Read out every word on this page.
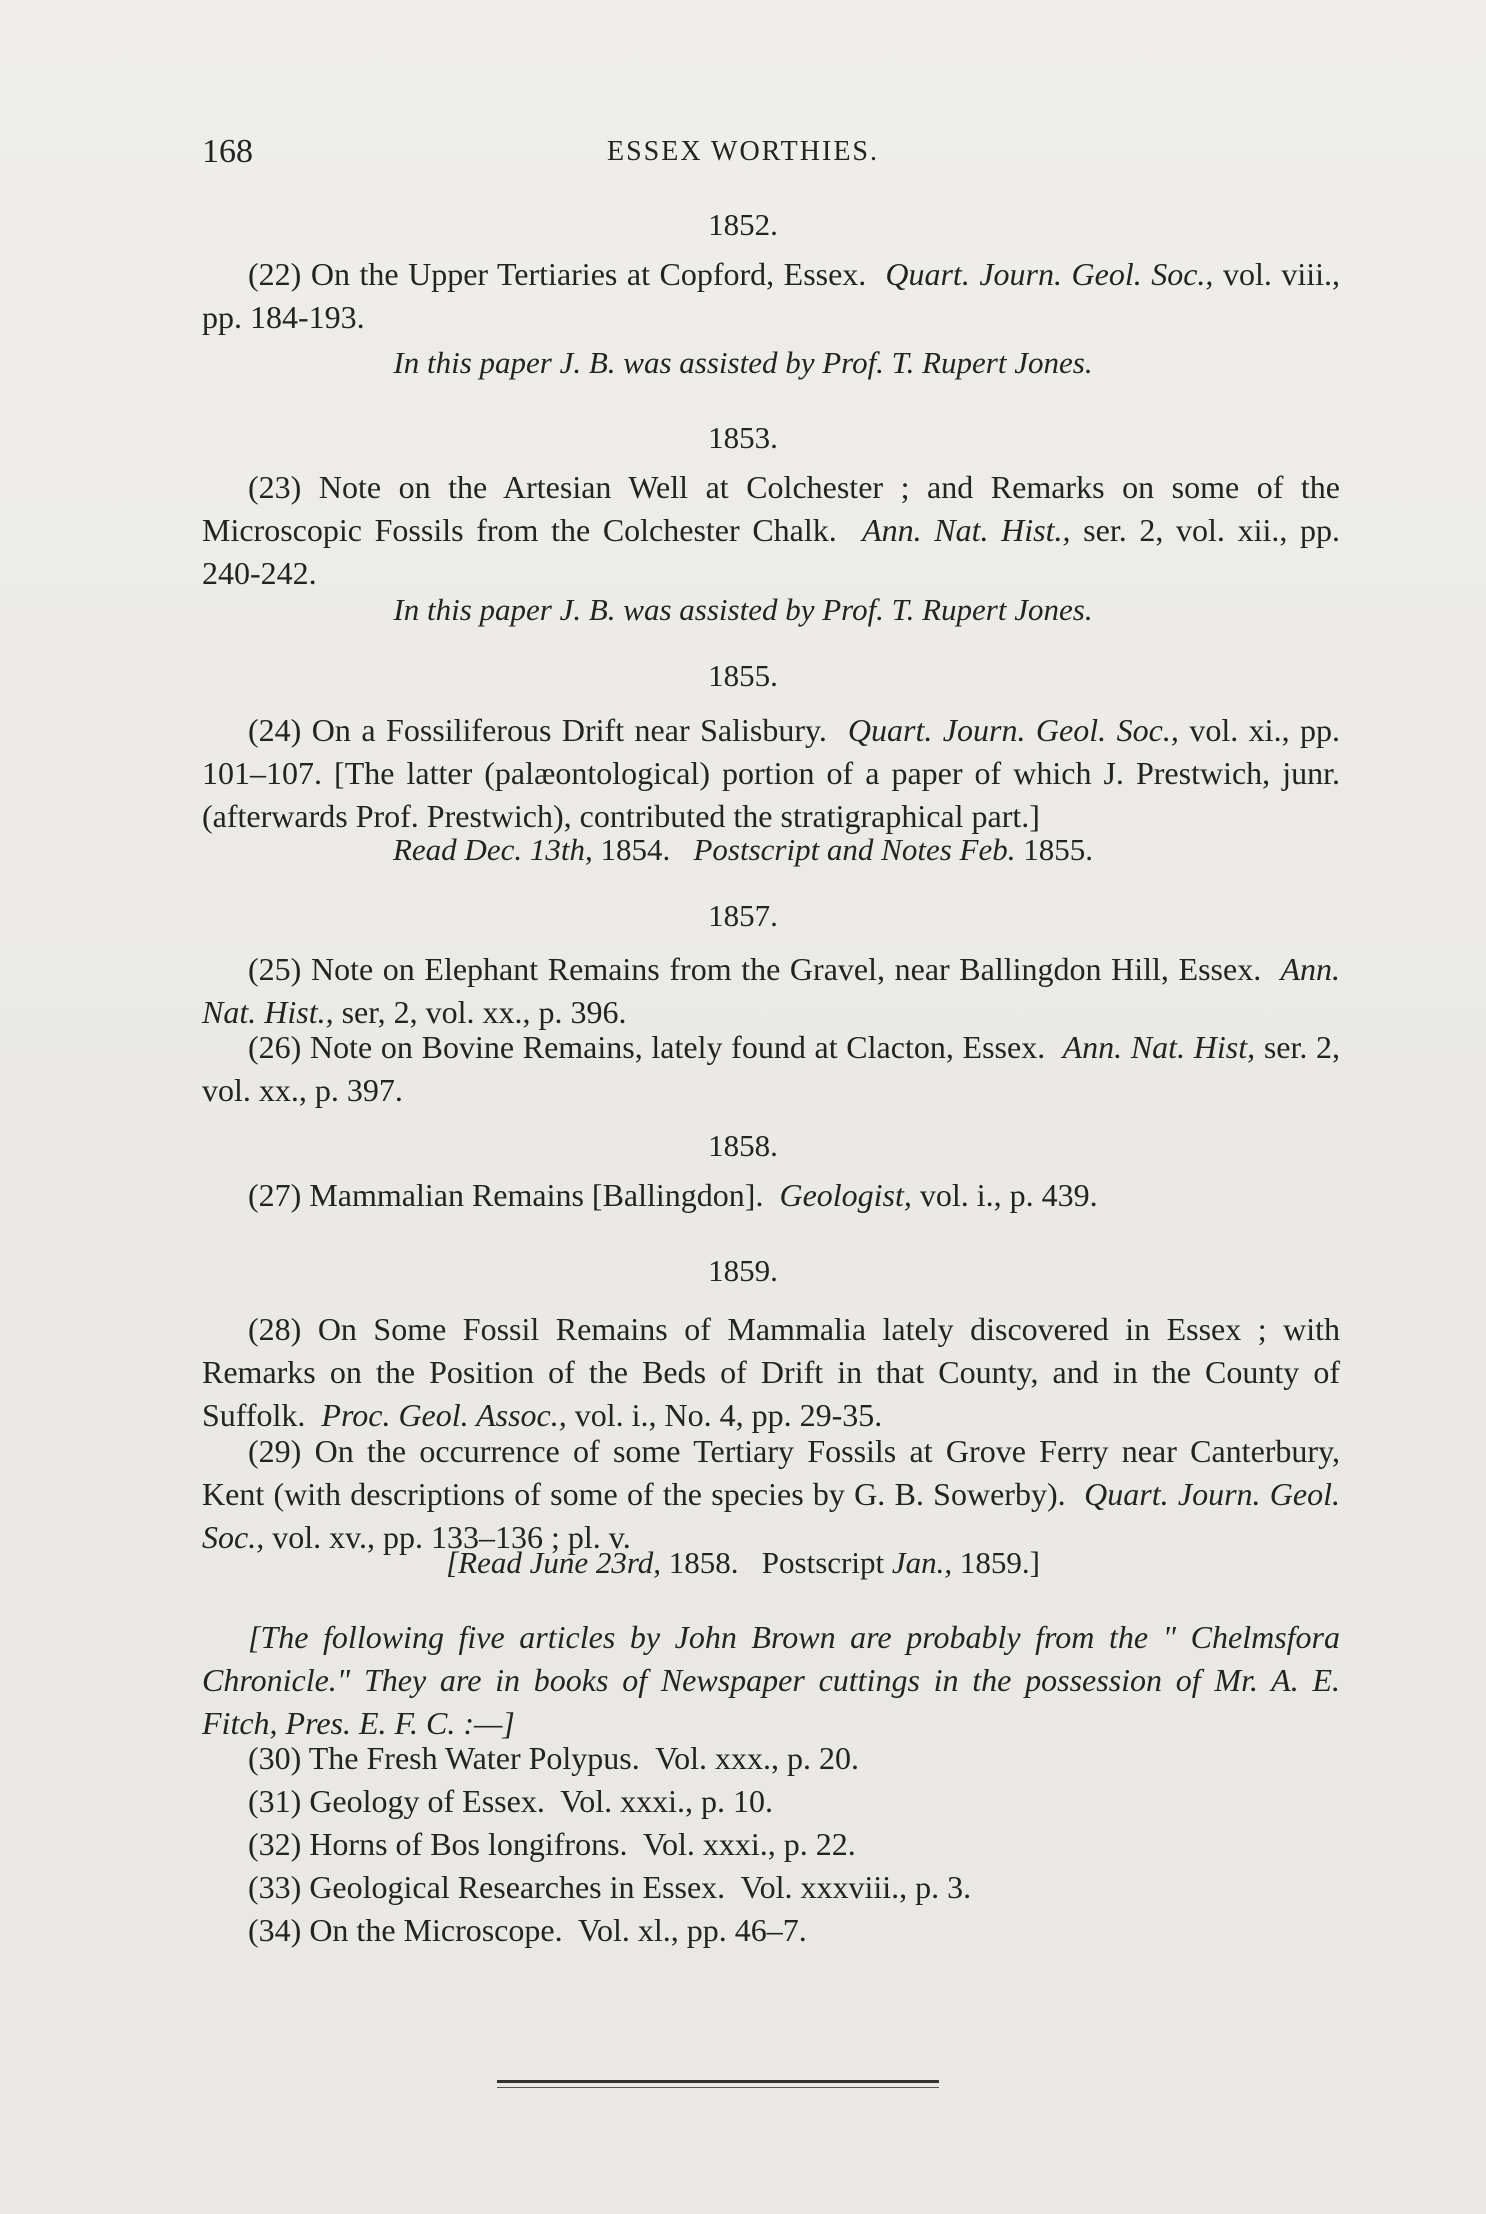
168	ESSEX WORTHIES.
1852.
(22) On the Upper Tertiaries at Copford, Essex. Quart. Journ. Geol. Soc., vol. viii., pp. 184-193.
In this paper J. B. was assisted by Prof. T. Rupert Jones.
1853.
(23) Note on the Artesian Well at Colchester ; and Remarks on some of the Microscopic Fossils from the Colchester Chalk. Ann. Nat. Hist., ser. 2, vol. xii., pp. 240-242.
In this paper J. B. was assisted by Prof. T. Rupert Jones.
1855.
(24) On a Fossiliferous Drift near Salisbury. Quart. Journ. Geol. Soc., vol. xi., pp. 101–107. [The latter (palæontological) portion of a paper of which J. Prestwich, junr. (afterwards Prof. Prestwich), contributed the stratigraphical part.]
Read Dec. 13th, 1854. Postscript and Notes Feb. 1855.
1857.
(25) Note on Elephant Remains from the Gravel, near Ballingdon Hill, Essex. Ann. Nat. Hist., ser, 2, vol. xx., p. 396.
(26) Note on Bovine Remains, lately found at Clacton, Essex. Ann. Nat. Hist, ser. 2, vol. xx., p. 397.
1858.
(27) Mammalian Remains [Ballingdon]. Geologist, vol. i., p. 439.
1859.
(28) On Some Fossil Remains of Mammalia lately discovered in Essex ; with Remarks on the Position of the Beds of Drift in that County, and in the County of Suffolk. Proc. Geol. Assoc., vol. i., No. 4, pp. 29-35.
(29) On the occurrence of some Tertiary Fossils at Grove Ferry near Canterbury, Kent (with descriptions of some of the species by G. B. Sowerby). Quart. Journ. Geol. Soc., vol. xv., pp. 133–136 ; pl. v.
[Read June 23rd, 1858. Postscript Jan., 1859.]
[The following five articles by John Brown are probably from the " Chelmsfora Chronicle." They are in books of Newspaper cuttings in the possession of Mr. A. E. Fitch, Pres. E. F. C. :—]
(30) The Fresh Water Polypus. Vol. xxx., p. 20.
(31) Geology of Essex. Vol. xxxi., p. 10.
(32) Horns of Bos longifrons. Vol. xxxi., p. 22.
(33) Geological Researches in Essex. Vol. xxxviii., p. 3.
(34) On the Microscope. Vol. xl., pp. 46–7.
